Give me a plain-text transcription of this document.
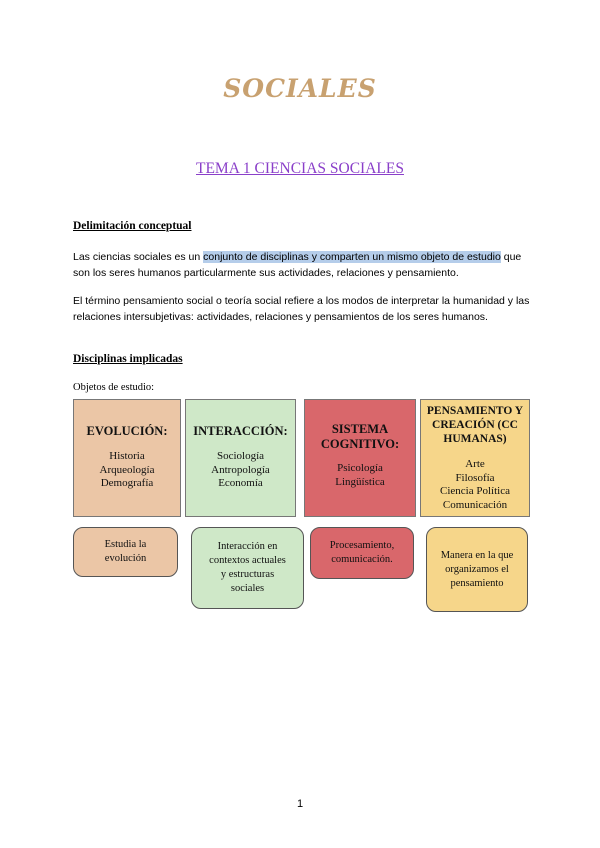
SOCIALES
TEMA 1 CIENCIAS SOCIALES
Delimitación conceptual
Las ciencias sociales es un conjunto de disciplinas y comparten un mismo objeto de estudio que son los seres humanos particularmente sus actividades, relaciones y pensamiento.
El término pensamiento social o teoría social refiere a los modos de interpretar la humanidad y las relaciones intersubjetivas: actividades, relaciones y pensamientos de los seres humanos.
Disciplinas implicadas
Objetos de estudio:
EVOLUCIÓN:
Historia
Arqueología
Demografía
INTERACCIÓN:
Sociología
Antropología
Economía
SISTEMA COGNITIVO:
Psicología
Lingüística
PENSAMIENTO Y CREACIÓN (CC HUMANAS)
Arte
Filosofía
Ciencia Política
Comunicación
Estudia la evolución
Interacción en contextos actuales y estructuras sociales
Procesamiento, comunicación.	Manera en la que organizamos el pensamiento
1
